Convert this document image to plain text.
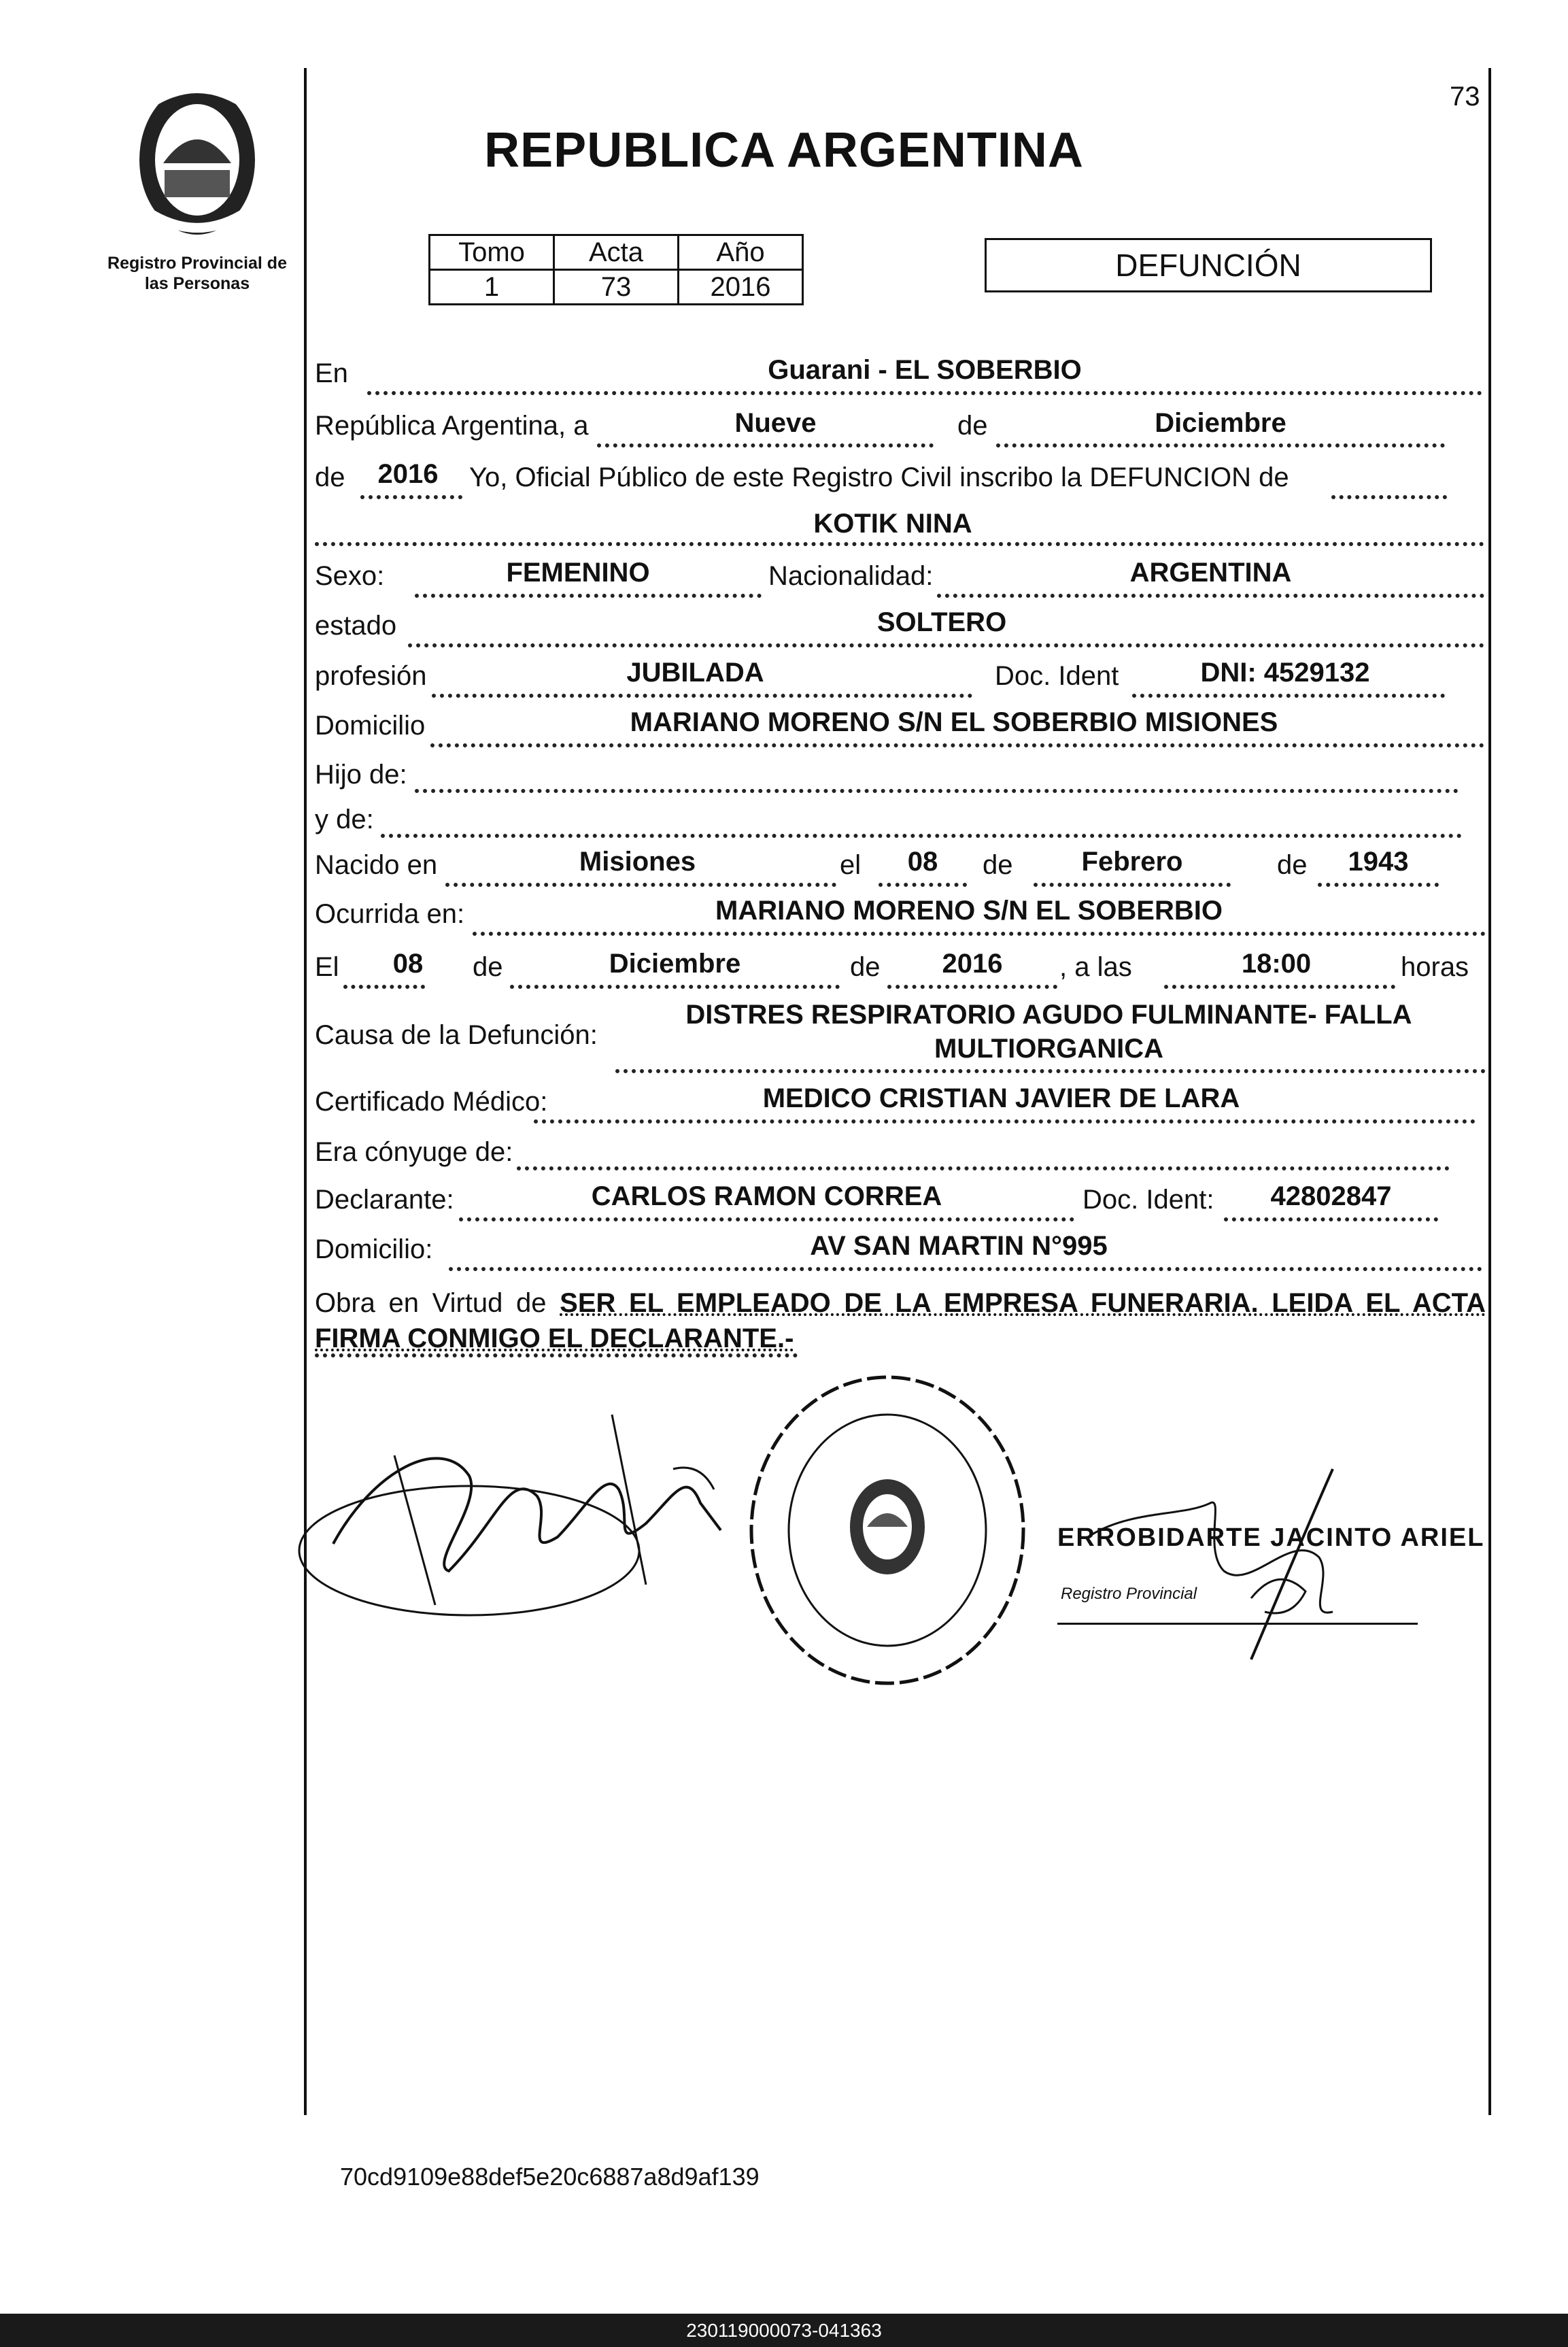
73
Registro Provincial de las Personas
REPUBLICA ARGENTINA
Tomo	Acta	Año
1	73	2016
DEFUNCIÓN
En	Guarani - EL SOBERBIO
República Argentina, a	Nueve	de	Diciembre
de	2016	Yo, Oficial Público de este Registro Civil inscribo la DEFUNCION de
KOTIK NINA
Sexo:	FEMENINO	Nacionalidad:	ARGENTINA
estado	SOLTERO
profesión	JUBILADA	Doc. Ident	DNI: 4529132
Domicilio	MARIANO MORENO S/N EL SOBERBIO MISIONES
Hijo de:
y de:
Nacido en	Misiones	el	08	de	Febrero	de	1943
Ocurrida en:	MARIANO MORENO S/N EL SOBERBIO
El	08	de	Diciembre	de	2016	, a las	18:00	horas
Causa de la Defunción:
DISTRES RESPIRATORIO AGUDO FULMINANTE- FALLA
MULTIORGANICA
Certificado Médico:	MEDICO CRISTIAN JAVIER DE LARA
Era cónyuge de:
Declarante:	CARLOS RAMON CORREA	Doc. Ident:	42802847
Domicilio:	AV SAN MARTIN N°995
Obra en Virtud de SER EL EMPLEADO DE LA EMPRESA FUNERARIA. LEIDA EL ACTA FIRMA CONMIGO EL DECLARANTE.-
ERROBIDARTE JACINTO ARIEL
Registro Provincial
70cd9109e88def5e20c6887a8d9af139
230119000073-041363
